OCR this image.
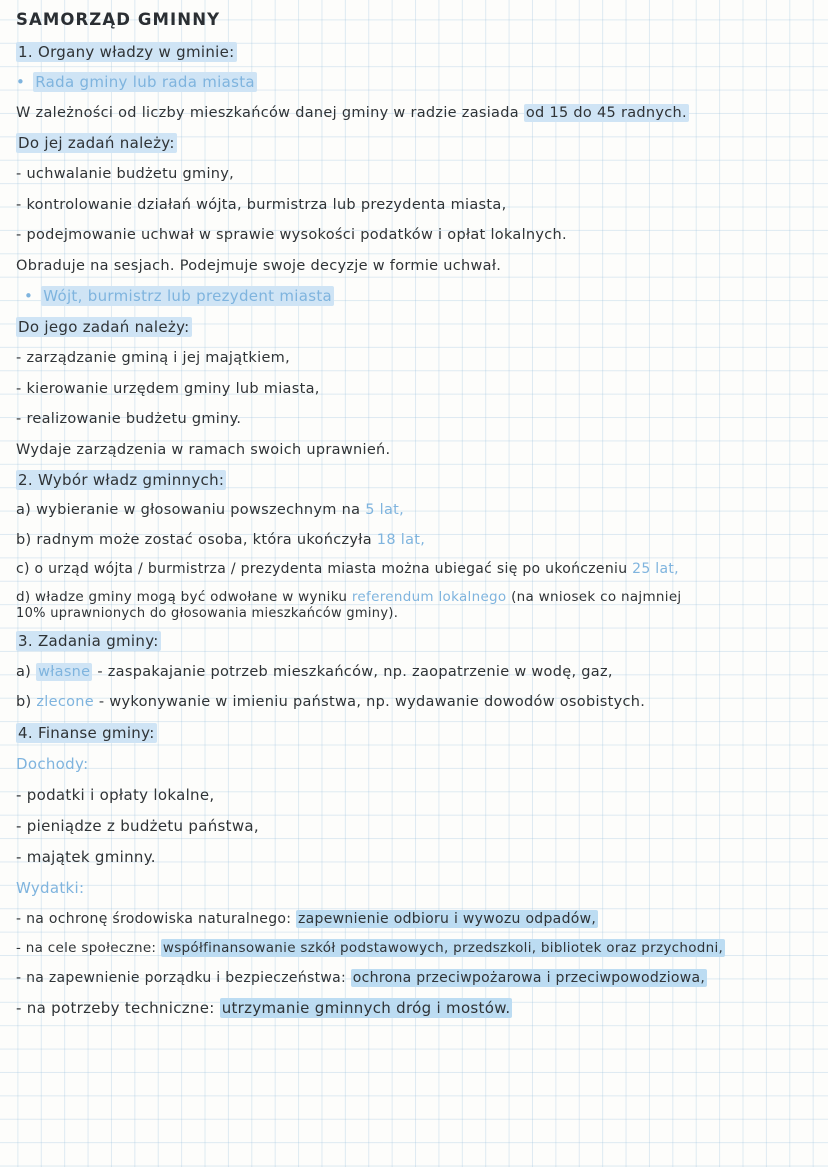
SAMORZĄD GMINNY
1. Organy władzy w gminie:
• Rada gminy lub rada miasta
W zależności od liczby mieszkańców danej gminy w radzie zasiada od 15 do 45 radnych.
Do jej zadań należy:
- uchwalanie budżetu gminy,
- kontrolowanie działań wójta, burmistrza lub prezydenta miasta,
- podejmowanie uchwał w sprawie wysokości podatków i opłat lokalnych.
Obraduje na sesjach. Podejmuje swoje decyzje w formie uchwał.
• Wójt, burmistrz lub prezydent miasta
Do jego zadań należy:
- zarządzanie gminą i jej majątkiem,
- kierowanie urzędem gminy lub miasta,
- realizowanie budżetu gminy.
Wydaje zarządzenia w ramach swoich uprawnień.
2. Wybór władz gminnych:
a) wybieranie w głosowaniu powszechnym na 5 lat,
b) radnym może zostać osoba, która ukończyła 18 lat,
c) o urząd wójta / burmistrza / prezydenta miasta można ubiegać się po ukończeniu 25 lat,
d) władze gminy mogą być odwołane w wyniku referendum lokalnego (na wniosek co najmniej
10% uprawnionych do głosowania mieszkańców gminy).
3. Zadania gminy:
a) własne - zaspakajanie potrzeb mieszkańców, np. zaopatrzenie w wodę, gaz,
b) zlecone - wykonywanie w imieniu państwa, np. wydawanie dowodów osobistych.
4. Finanse gminy:
Dochody:
- podatki i opłaty lokalne,
- pieniądze z budżetu państwa,
- majątek gminny.
Wydatki:
- na ochronę środowiska naturalnego: zapewnienie odbioru i wywozu odpadów,
- na cele społeczne: współfinansowanie szkół podstawowych, przedszkoli, bibliotek oraz przychodni,
- na zapewnienie porządku i bezpieczeństwa: ochrona przeciwpożarowa i przeciwpowodziowa,
- na potrzeby techniczne: utrzymanie gminnych dróg i mostów.
